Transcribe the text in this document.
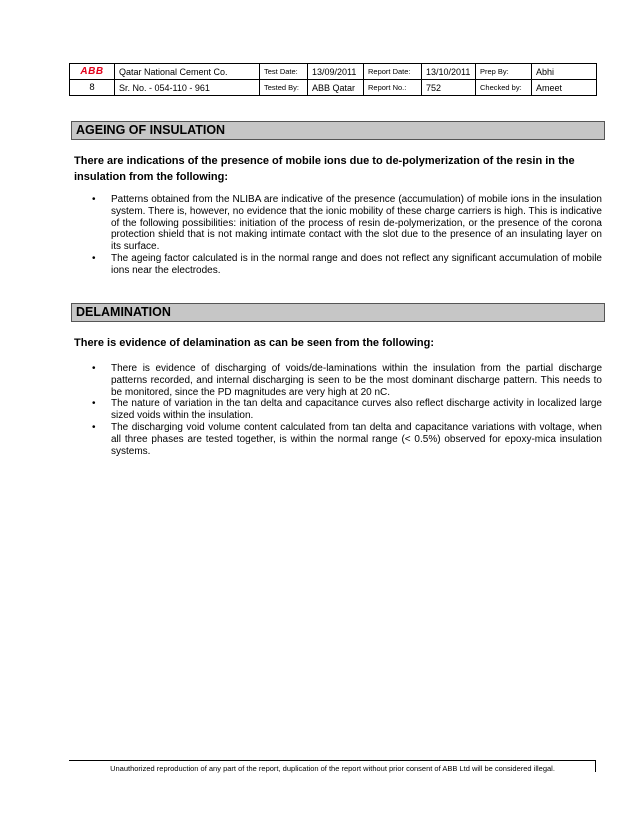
ABB	Qatar National Cement Co.	Test Date:	13/09/2011	Report Date:	13/10/2011	Prep By:	Abhi
8	Sr. No. - 054-110 - 961	Tested By:	ABB Qatar	Report No.:	752	Checked by:	Ameet
AGEING OF INSULATION
There are indications of the presence of mobile ions due to de-polymerization of the resin in the insulation from the following:
• Patterns obtained from the NLIBA are indicative of the presence (accumulation) of mobile ions in the insulation system. There is, however, no evidence that the ionic mobility of these charge carriers is high. This is indicative of the following possibilities: initiation of the process of resin de-polymerization, or the presence of the corona protection shield that is not making intimate contact with the slot due to the presence of an insulating layer on its surface.
• The ageing factor calculated is in the normal range and does not reflect any significant accumulation of mobile ions near the electrodes.
DELAMINATION
There is evidence of delamination as can be seen from the following:
• There is evidence of discharging of voids/de-laminations within the insulation from the partial discharge patterns recorded, and internal discharging is seen to be the most dominant discharge pattern. This needs to be monitored, since the PD magnitudes are very high at 20 nC.
• The nature of variation in the tan delta and capacitance curves also reflect discharge activity in localized large sized voids within the insulation.
• The discharging void volume content calculated from tan delta and capacitance variations with voltage, when all three phases are tested together, is within the normal range (< 0.5%) observed for epoxy-mica insulation systems.
Unauthorized reproduction of any part of the report, duplication of the report without prior consent of ABB Ltd will be considered illegal.
